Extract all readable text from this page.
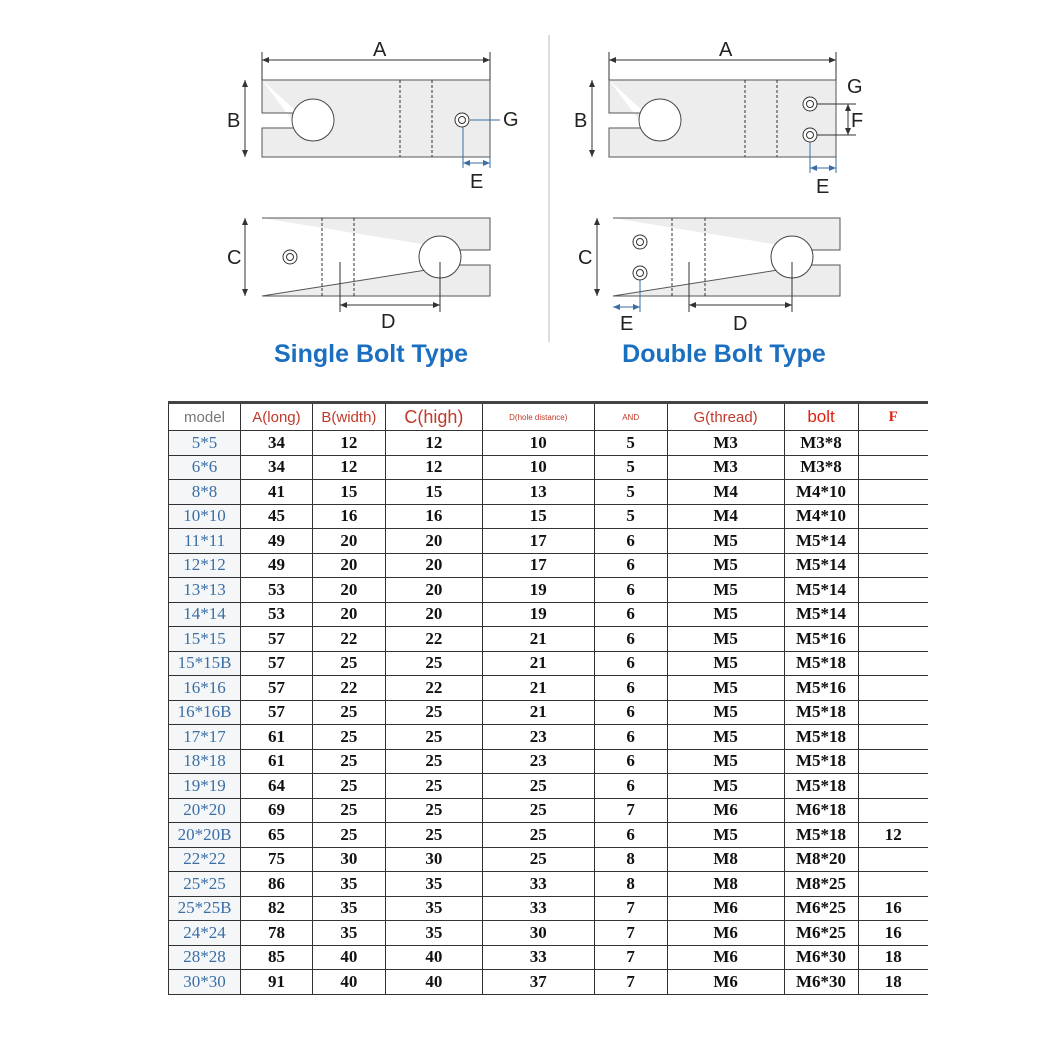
A
B	G
E
C
D
A
B
G
F
E
C
E	D
Single Bolt Type	Double Bolt Type
model	A(long)	B(width)	C(high)	D(hole distance)	AND	G(thread)	bolt	F
5*5	34	12	12	10	5	M3	M3*8	
6*6	34	12	12	10	5	M3	M3*8	
8*8	41	15	15	13	5	M4	M4*10	
10*10	45	16	16	15	5	M4	M4*10	
11*11	49	20	20	17	6	M5	M5*14	
12*12	49	20	20	17	6	M5	M5*14	
13*13	53	20	20	19	6	M5	M5*14	
14*14	53	20	20	19	6	M5	M5*14	
15*15	57	22	22	21	6	M5	M5*16	
15*15B	57	25	25	21	6	M5	M5*18	
16*16	57	22	22	21	6	M5	M5*16	
16*16B	57	25	25	21	6	M5	M5*18	
17*17	61	25	25	23	6	M5	M5*18	
18*18	61	25	25	23	6	M5	M5*18	
19*19	64	25	25	25	6	M5	M5*18	
20*20	69	25	25	25	7	M6	M6*18	
20*20B	65	25	25	25	6	M5	M5*18	12
22*22	75	30	30	25	8	M8	M8*20	
25*25	86	35	35	33	8	M8	M8*25	
25*25B	82	35	35	33	7	M6	M6*25	16
24*24	78	35	35	30	7	M6	M6*25	16
28*28	85	40	40	33	7	M6	M6*30	18
30*30	91	40	40	37	7	M6	M6*30	18
